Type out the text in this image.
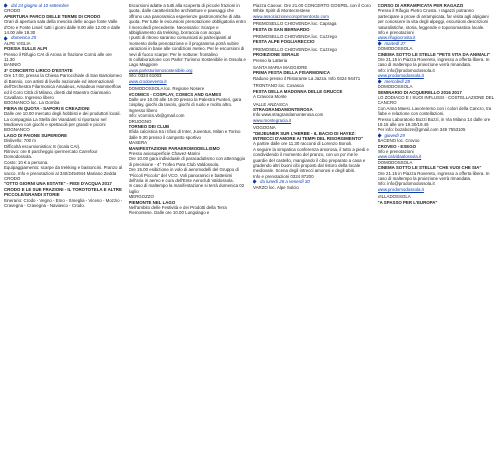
dal 24 giugno al 10 settembre

CRODO

APERTURA PARCO DELLE TERME DI CRODO

Orari di apertura sala della mescita delle acque fonte Valle d'Oro e Fonte Lisiel: tutti i giorni dalle 9.00 alle 12.00 e dalle 14.00 alle 18.30

domenica 25

ALPE VIGLIA

POESIA SULLE ALPI

Presso il Rifugio CAI di Arona in frazione Cornù alle ore 11.30

BANNIO

3° CONCERTO LIRICO D'ESTATE

Ore 17.00, presso la Chiesa Parrocchiale di San Bartolomeo di Bannio, con artisti di livello nazionale ed internazionali dell'Orchestra Filarmonica Amadeus, Amadeus Hammerflow ed il Coro Città di Milano, diretti dal Maestro Gianmario Cavallaro. Ingresso libero

BOGNANCO loc. La Gomba

FIERA IN QUOTA - SAPORI E CREAZIONI

Dalle ore 10.00 mercato degli hobbisti e dei produttori locali. La compagnia La Stella dei Viandanti si riportano nel Medioevo con giochi e spettacoli per grandi e piccini

BOGNANCO

LAGO DI PAIONE SUPERIORE

Dislivello: 700 m

Difficoltà escursionistica: E (scala CAI).

Ritrovo: ore 8 parcheggio ipermercato Carrefour Domodossola.

Costo: 10 € a persona.

Equipaggiamento: scarpe da trekking e bastoncini. Pranzo al sacco. Info e prenotazioni al 340/2454944 Mariano Zedda

CRODO

"OTTO GIORNI UNA ESTATE" - FEDI D'ACQUA 2017

CRODO E LE SUE FRAZIONI - IL TOROTOTELA E ALTRE PICCOLE/GRANDI STORIE

Itinerario: Crodo - Vegno - Emo - Smeglia - Viceno - Mozzio - Cravegna - Cravegna - Naviasco - Crodo.

Escursioni adatte a tutti alla scoperta di piccole frazioni in quota, dalle caratteristiche architetture e paesaggi che offrono una panoramica esperienze gastronomiche di alta quota. Per tutte le escursioni prenotazione obbligatoria entro il mercoledì precedente. Necessario: Scarpe e abbigliamento da trekking, borraccia con acqua

I punti di ritrovo saranno comunicati ai partecipanti al momento della prenotazione e il programma potrà subire variazioni in base alle condizioni meteo. Per le escursioni di nevi di fuoco scarpe: Per le nottune: frontalino

In collaborazione con Parks' Turismo Sostenibile in Ossola e Lago Maggiore

www.parksturismosostenibile.org

Info: 0324 61003

www.crodoevento.it

DOMODOSSOLA loc. Regione Nosere

VCOMICS - COSPLAY, COMICS AND GAMES

Dalle ore 10.00 alle 19.00 presso la Palestra Punteri, gara cosplay, giochi da tavolo, giochi di ruolo e molto altro. Ingresso libero

Info: vcomics.vb@gmail.com

DRUOGNO

TORNEO DEI CLUB

Sfida calcistica tra i tifosi di Inter, Juventus, Milan e Torino dalle 9.30 presso il campetto sportivo

MASERA

MANIFESTAZIONE PARAEROMODELLISMO

Presso aviosuperficie Chavez-Marini

Ore 10.00 gara individuale di paracadutismo con atterraggio di precisione - 4° Trofeo Para Club Valdossola.

Ore 15.00 esibizione in volo di aeromodelli del Gruppo di "Piccoli Piccolo" del VCO. Voli panoramici e battesimi dell'aria in aereo e cura dell'Ente Aeroclub Valdossola.

In caso di maltempo la manifestazione si terrà domenica 02 luglio

MERGOZZO

PIEMONTE NEL LAGO

Nell'ambito delle Festività e dei Prodotti della Terra Piemontese. Dalle ore 10.00 Lungolago e

Piazza Cavour. Ore 21.00 CONCERTO GOSPEL con il Coro White Spirit di Montecrestese

www.associazionecoroprmentosto.com

PREMOSELLO CHIOVENDA loc. Capraga

FESTA DI SAN BERNARDO

PREMOSELLO CHIOVENDA loc. Cuzzego

FESTA ALPE FOGLIARECCIO

PREMOSELLO CHIOVENDA loc. Cuzzego

PROIEZIONE SERALE

Presso la Latteria

SANTA MARIA MAGGIORE

PRIMA FESTA DELLA FISARMONICA

Raduno presso il Ristorante La Jazza. Info 0324 94471

TRONTANO loc. Cosasca

FESTA DELLA MADONNA DELLE GRUCCE

A Cravoca Monte

VALLE ANZASCA

STRAGRANDAMONTEROSA

Info www.stragrandamonterosa.com

www.montegracia.it

VOGOGNA

"DEJEUNER SUR L'HERBE - IL BACIO DI HAYEZ: INTRECCI D'AMORE AI TEMPI DEL RISORGIMENTO"

A partire dalle ore 11.30 racconti di Lorenzo Bonoli.

A seguire la simpatica conferenza amorosa, il tutto a piedi e condividendo il momento del pranzo, con un po' me le guardie del castello, mangiando il cibo preparato a casa e gradendo altri buoni cibi proposti dal ristoro della locale mediovale. Scena degli intrecci amorosi e degli abiti.

Info e prenotazioni 0324 87200

da lunedì 26 a venerdì 30

VARZO loc. Alpe Solcio

CORSO DI ARRAMPICATA PER RAGAZZI

Presso il Rifugio Pietro Crosta. I ragazzi potranno partecipare a prove di arrampicata, far visita agli alpigiani per conoscere la vita degli alpeggi, escursioni descrizioni naturalistiche, storia, leggende e toponomastica locale.

Info e prenotazioni

www.rifugiocrosta.it

martedì 27

DOMODOSSOLA

CINEMA SOTTO LE STELLE "PETS VITA DA ANIMALI"

Ore 21.15 in Piazza Rovereto, ingresso a offerta libera. In caso di maltempo la proiezione verrà rimandata.

Info: info@prodomodossola.it

www.prodomodossola.it

mercoledì 28

DOMODOSSOLA

SEMINARIO DI ACQUERELLO 2016 2017

LO ZODIACO E I SUOI INFLUSSI - COSTELLAZIONE DEL CANCRO

Con Anna Maesi. Lavoreremo con i colori della Cancro, tra fiabe e relazione con costellazioni.

Presso Laboratorio Bozzi Bozzi, in Via Milano 14 dalle ore 18.15 alle ore 19.30/19.45

Per info: bozaboze@gmail.com 349 7553105

giovedì 29

BACENO loc. Crovoo

CROVEO - ESEGO

Info e prenotazioni

www.calvidaalossola.it

DOMODOSSOLA

CINEMA SOTTO LE STELLE "CHE VUOI CHE SIA"

Ore 21.15 in Piazza Rovereto, ingresso a offerta libera. In caso di maltempo la proiezione verrà rimandata.

Info: info@prodomodossola.it

www.prodomodossola.it

VILLADOSSOLA

"A SPASSO PER L'EUROPA"
